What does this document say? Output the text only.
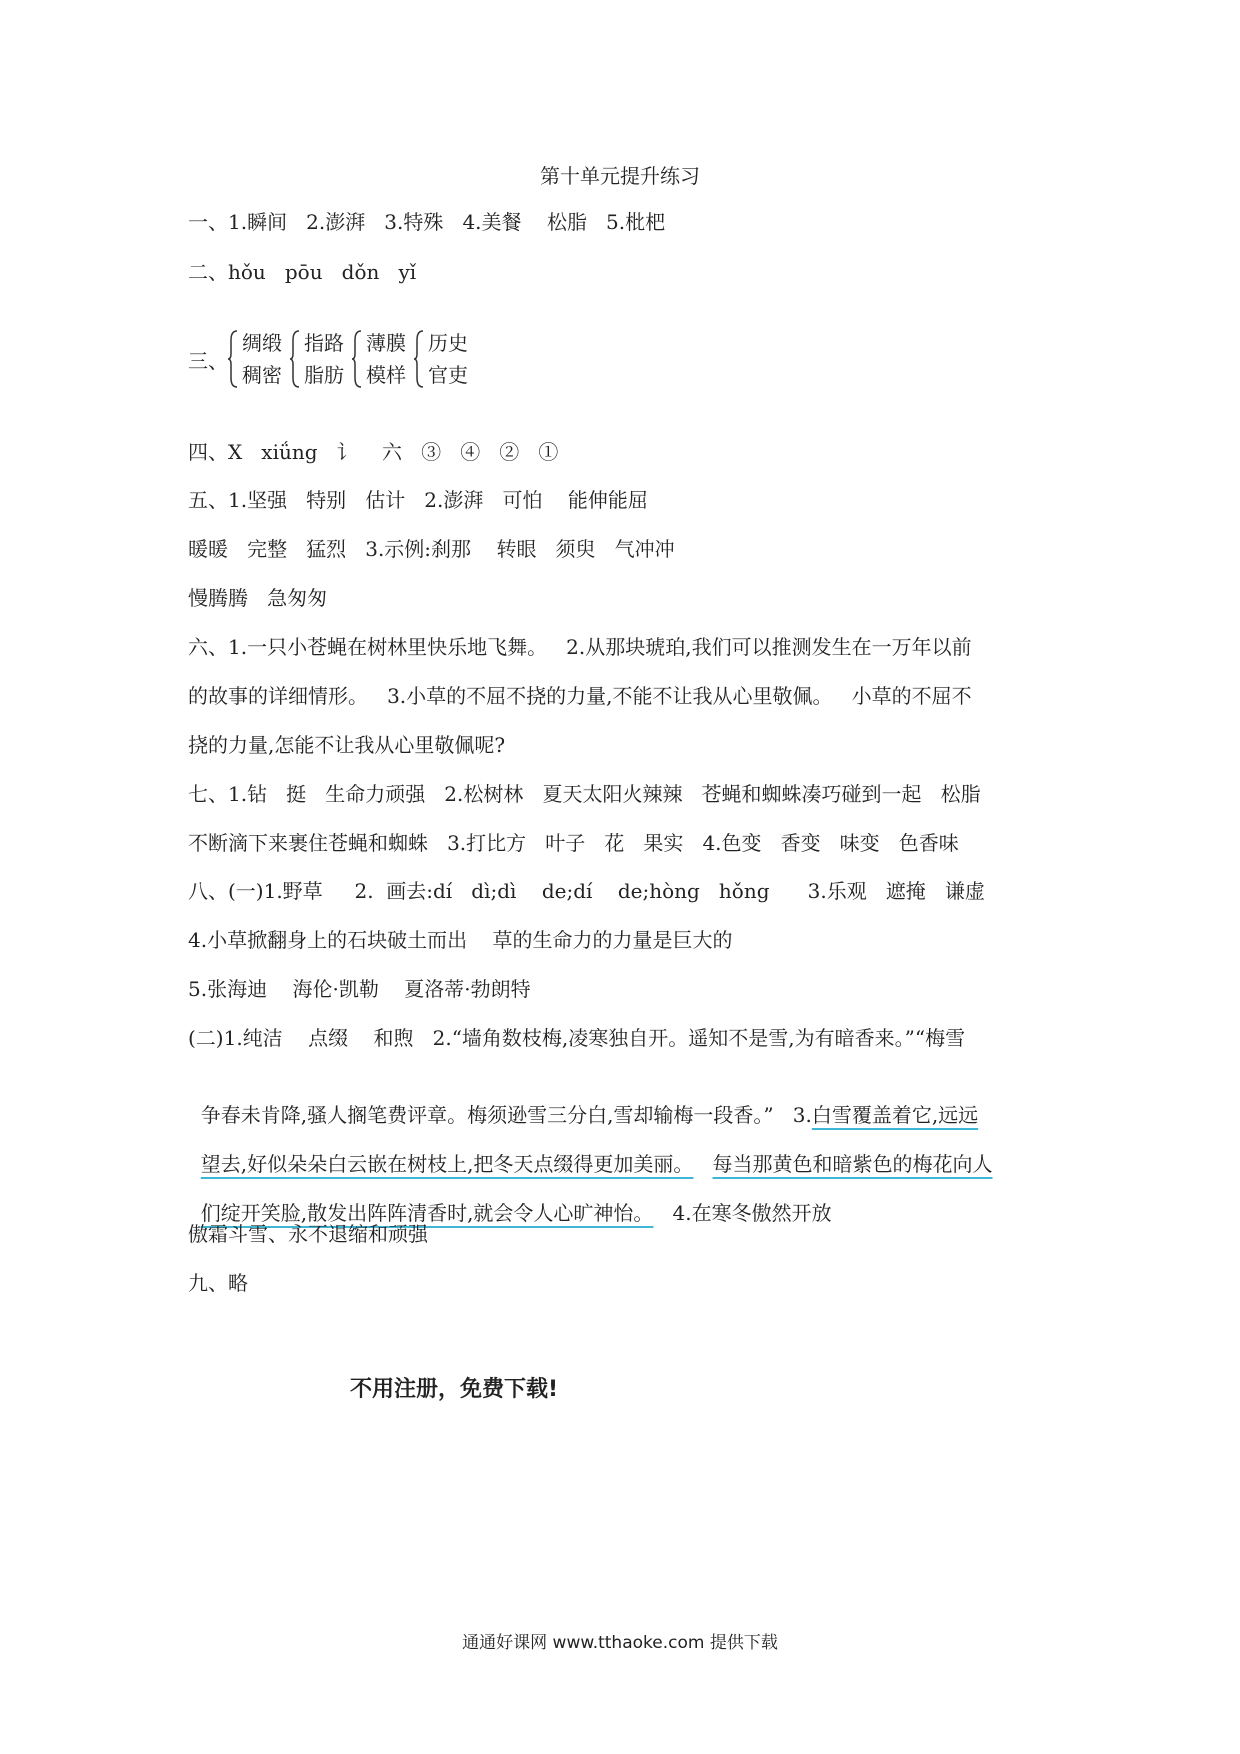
第十单元提升练习
一、1.瞬间   2.澎湃   3.特殊   4.美餐    松脂   5.枇杷
二、hǒu   pōu   dǒn   yǐ
三、
绸缎
稠密
指路
脂肪
薄膜
模样
历史
官吏
四、X   xiǘng   讠    六   ③   ④   ②   ①
五、1.坚强   特别   估计   2.澎湃   可怕    能伸能屈
暖暖   完整   猛烈   3.示例:刹那    转眼   须臾   气冲冲
慢腾腾   急匆匆
六、1.一只小苍蝇在树林里快乐地飞舞。   2.从那块琥珀,我们可以推测发生在一万年以前
的故事的详细情形。   3.小草的不屈不挠的力量,不能不让我从心里敬佩。   小草的不屈不
挠的力量,怎能不让我从心里敬佩呢?
七、1.钻   挺   生命力顽强   2.松树林   夏天太阳火辣辣   苍蝇和蜘蛛凑巧碰到一起   松脂
不断滴下来裹住苍蝇和蜘蛛   3.打比方   叶子   花   果实   4.色变   香变   味变   色香味
八、(一)1.野草     2.  画去:dí   dì;dì    de;dí    de;hòng   hǒng      3.乐观   遮掩   谦虚
4.小草掀翻身上的石块破土而出    草的生命力的力量是巨大的
5.张海迪    海伦·凯勒    夏洛蒂·勃朗特
(二)1.纯洁    点缀    和煦   2.“墙角数枝梅,凌寒独自开。遥知不是雪,为有暗香来。”“梅雪

争春未肯降,骚人搁笔费评章。梅须逊雪三分白,雪却输梅一段香。”   3.白雪覆盖着它,远远

望去,好似朵朵白云嵌在树枝上,把冬天点缀得更加美丽。 每当那黄色和暗紫色的梅花向人

们绽开笑脸,散发出阵阵清香时,就会令人心旷神怡。   4.在寒冬傲然开放

傲霜斗雪、永不退缩和顽强
九、略
不用注册，免费下载!
通通好课网 www.tthaoke.com 提供下载
